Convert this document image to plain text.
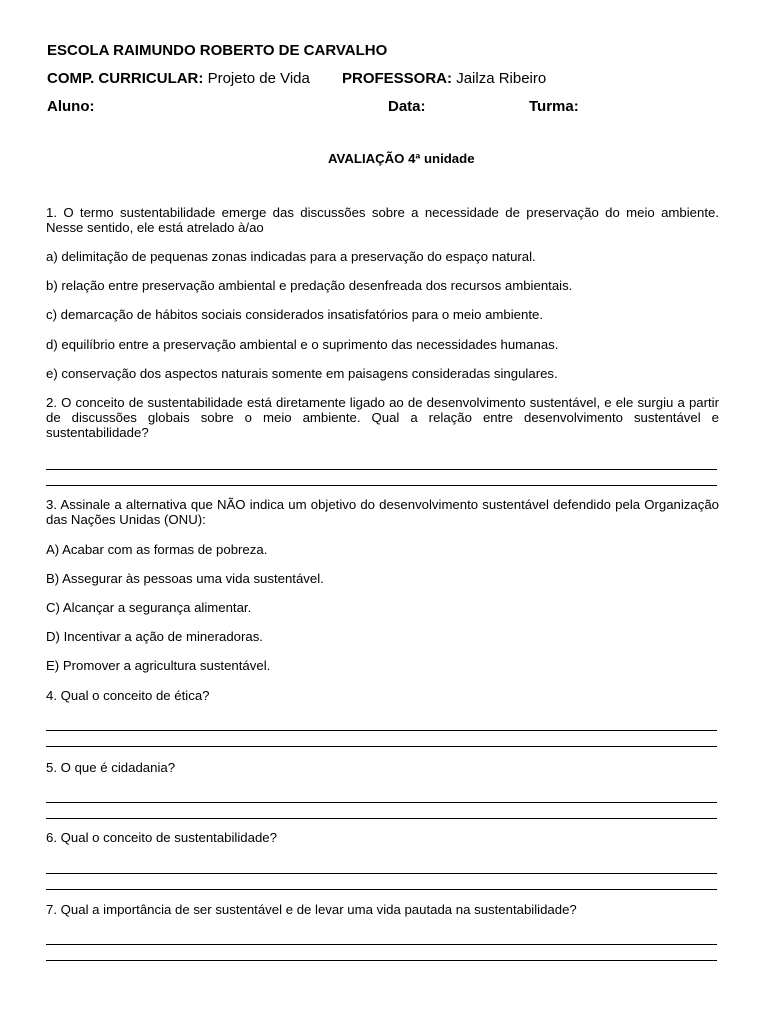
ESCOLA RAIMUNDO ROBERTO DE CARVALHO
COMP. CURRICULAR: Projeto de Vida PROFESSORA: Jailza Ribeiro
Aluno:	Data:	Turma:
AVALIAÇÃO 4ª unidade
1. O termo sustentabilidade emerge das discussões sobre a necessidade de preservação do meio ambiente. Nesse sentido, ele está atrelado à/ao
a) delimitação de pequenas zonas indicadas para a preservação do espaço natural.
b) relação entre preservação ambiental e predação desenfreada dos recursos ambientais.
c) demarcação de hábitos sociais considerados insatisfatórios para o meio ambiente.
d) equilíbrio entre a preservação ambiental e o suprimento das necessidades humanas.
e) conservação dos aspectos naturais somente em paisagens consideradas singulares.
2. O conceito de sustentabilidade está diretamente ligado ao de desenvolvimento sustentável, e ele surgiu a partir de discussões globais sobre o meio ambiente. Qual a relação entre desenvolvimento sustentável e sustentabilidade?
3. Assinale a alternativa que NÃO indica um objetivo do desenvolvimento sustentável defendido pela Organização das Nações Unidas (ONU):
A) Acabar com as formas de pobreza.
B) Assegurar às pessoas uma vida sustentável.
C) Alcançar a segurança alimentar.
D) Incentivar a ação de mineradoras.
E) Promover a agricultura sustentável.
4. Qual o conceito de ética?
5. O que é cidadania?
6. Qual o conceito de sustentabilidade?
7. Qual a importância de ser sustentável e de levar uma vida pautada na sustentabilidade?
